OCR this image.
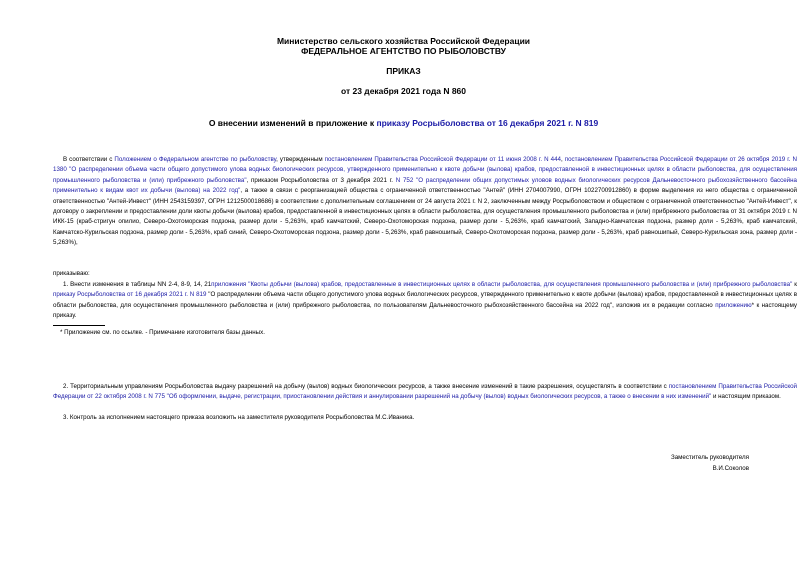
Министерство сельского хозяйства Российской Федерации
ФЕДЕРАЛЬНОЕ АГЕНТСТВО ПО РЫБОЛОВСТВУ
ПРИКАЗ
от 23 декабря 2021 года N 860
О внесении изменений в приложение к приказу Росрыболовства от 16 декабря 2021 г. N 819
В соответствии с Положением о Федеральном агентстве по рыболовству, утвержденным постановлением Правительства Российской Федерации от 11 июня 2008 г. N 444, постановлением Правительства Российской Федерации от 26 октября 2019 г. N 1380 "О распределении объема части общего допустимого улова водных биологических ресурсов, утвержденного применительно к квоте добычи (вылова) крабов, предоставленной в инвестиционных целях в области рыболовства, для осуществления промышленного рыболовства и (или) прибрежного рыболовства", приказом Росрыболовства от 3 декабря 2021 г. N 752 "О распределении общих допустимых уловов водных биологических ресурсов Дальневосточного рыбохозяйственного бассейна применительно к видам квот их добычи (вылова) на 2022 год", а также в связи с реорганизацией общества с ограниченной ответственностью "Антей" (ИНН 2704007990, ОГРН 1022700912860) в форме выделения из него общества с ограниченной ответственностью "Антей-Инвест" (ИНН 2543159397, ОГРН 1212500018686) в соответствии с дополнительным соглашением от 24 августа 2021 г. N 2, заключенным между Росрыболовством и обществом с ограниченной ответственностью "Антей-Инвест", к договору о закреплении и предоставлении доли квоты добычи (вылова) крабов, предоставленной в инвестиционных целях в области рыболовства, для осуществления промышленного рыболовства и (или) прибрежного рыболовства от 31 октября 2019 г. N ИКК-15 (краб-стригун опилио, Северо-Охотоморская подзона, размер доли - 5,263%, краб камчатский, Северо-Охотоморская подзона, размер доли - 5,263%, краб камчатский, Западно-Камчатская подзона, размер доли - 5,263%, краб камчатский, Камчатско-Курильская подзона, размер доли - 5,263%, краб синий, Северо-Охотоморская подзона, размер доли - 5,263%, краб равношипый, Северо-Охотоморская подзона, размер доли - 5,263%, краб равношипый, Северо-Курильская зона, размер доли - 5,263%),
приказываю:
1. Внести изменения в таблицы NN 2-4, 8-9, 14, 21приложения "Квоты добычи (вылова) крабов, предоставленные в инвестиционных целях в области рыболовства, для осуществления промышленного рыболовства и (или) прибрежного рыболовства" к приказу Росрыболовства от 16 декабря 2021 г. N 819 "О распределении объема части общего допустимого улова водных биологических ресурсов, утвержденного применительно к квоте добычи (вылова) крабов, предоставленной в инвестиционных целях в области рыболовства, для осуществления промышленного рыболовства и (или) прибрежного рыболовства, по пользователям Дальневосточного рыбохозяйственного бассейна на 2022 год", изложив их в редакции согласно приложению* к настоящему приказу.
* Приложение см. по ссылке. - Примечание изготовителя базы данных.
2. Территориальным управлениям Росрыболовства выдачу разрешений на добычу (вылов) водных биологических ресурсов, а также внесение изменений в такие разрешения, осуществлять в соответствии с постановлением Правительства Российской Федерации от 22 октября 2008 г. N 775 "Об оформлении, выдаче, регистрации, приостановлении действия и аннулировании разрешений на добычу (вылов) водных биологических ресурсов, а также о внесении в них изменений" и настоящим приказом.
3. Контроль за исполнением настоящего приказа возложить на заместителя руководителя Росрыболовства М.С.Иваника.
Заместитель руководителя
В.И.Соколов
